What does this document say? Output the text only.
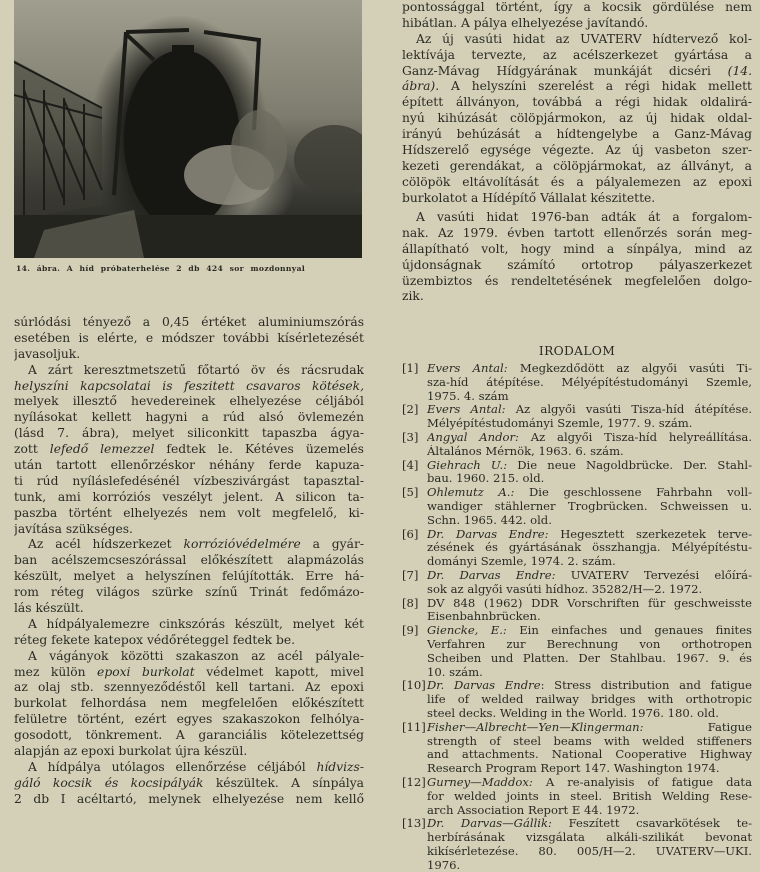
14. ábra. A híd próbaterhelése 2 db 424 sor mozdonnyal
súrlódási tényező a 0,45 értéket aluminiumszórás
esetében is elérte, e módszer további kísérletezését
javasoljuk.
A zárt keresztmetszetű főtartó öv és rácsrudak
helyszíni kapcsolatai is feszitett csavaros kötések,
melyek illesztő hevedereinek elhelyezése céljából
nyílásokat kellett hagyni a rúd alsó övlemezén
(lásd 7. ábra), melyet siliconkitt tapaszba ágya-
zott lefedő lemezzel fedtek le. Kétéves üzemelés
után tartott ellenőrzéskor néhány ferde kapuza-
ti rúd nyíláslefedésénél vízbeszivárgást tapasztal-
tunk, ami korróziós veszélyt jelent. A silicon ta-
paszba történt elhelyezés nem volt megfelelő, ki-
javítása szükséges.
Az acél hídszerkezet korrózióvédelmére a gyár-
ban acélszemcseszórással előkészített alapmázolás
készült, melyet a helyszínen felújították. Erre há-
rom réteg világos szürke színű Trinát fedőmázo-
lás készült.
A hídpályalemezre cinkszórás készült, melyet két
réteg fekete katepox védőréteggel fedtek be.
A vágányok közötti szakaszon az acél pályale-
mez külön epoxi burkolat védelmet kapott, mivel
az olaj stb. szennyeződéstől kell tartani. Az epoxi
burkolat felhordása nem megfelelően előkészített
felületre történt, ezért egyes szakaszokon felhólya-
gosodott, tönkrement. A garanciális kötelezettség
alapján az epoxi burkolat újra készül.
A hídpálya utólagos ellenőrzése céljából hídvizs-
gáló kocsik és kocsipályák készültek. A sínpálya
2 db I acéltartó, melynek elhelyezése nem kellő
pontossággal történt, így a kocsik gördülése nem
hibátlan. A pálya elhelyezése javítandó.
Az új vasúti hidat az UVATERV hídtervező kol-
lektívája tervezte, az acélszerkezet gyártása a
Ganz-Mávag Hídgyárának munkáját dicséri (14.
ábra). A helyszíni szerelést a régi hidak mellett
épített állványon, továbbá a régi hidak oldalirá-
nyú kihúzását cölöpjármokon, az új hidak oldal-
irányú behúzását a hídtengelybe a Ganz-Mávag
Hídszerelő egysége végezte. Az új vasbeton szer-
kezeti gerendákat, a cölöpjármokat, az állványt, a
cölöpök eltávolítását és a pályalemezen az epoxi
burkolatot a Hídépítő Vállalat készitette.
A vasúti hidat 1976-ban adták át a forgalom-
nak. Az 1979. évben tartott ellenőrzés során meg-
állapítható volt, hogy mind a sínpálya, mind az
újdonságnak számító ortotrop pályaszerkezet
üzembiztos és rendeltetésének megfelelően dolgo-
zik.
IRODALOM
[1] Evers Antal: Megkezdődött az algyői vasúti Ti-
sza-híd átépítése. Mélyépítéstudományi Szemle,
1975. 4. szám
[2] Evers Antal: Az algyői vasúti Tisza-híd átépítése.
Mélyépítéstudományi Szemle, 1977. 9. szám.
[3] Angyal Andor: Az algyői Tisza-híd helyreállítása.
Általános Mérnök, 1963. 6. szám.
[4] Giehrach U.: Die neue Nagoldbrücke. Der. Stahl-
bau. 1960. 215. old.
[5] Ohlemutz A.: Die geschlossene Fahrbahn voll-
wandiger stählerner Trogbrücken. Schweissen u.
Schn. 1965. 442. old.
[6] Dr. Darvas Endre: Hegesztett szerkezetek terve-
zésének és gyártásának összhangja. Mélyépítéstu-
dományi Szemle, 1974. 2. szám.
[7] Dr. Darvas Endre: UVATERV Tervezési előírá-
sok az algyői vasúti hídhoz. 35282/H—2. 1972.
[8] DV 848 (1962) DDR Vorschriften für geschweisste
Eisenbahnbrücken.
[9] Giencke, E.: Ein einfaches und genaues finites
Verfahren zur Berechnung von orthotropen
Scheiben und Platten. Der Stahlbau. 1967. 9. és
10. szám.
[10] Dr. Darvas Endre: Stress distribution and fatigue
life of welded railway bridges with orthotropic
steel decks. Welding in the World. 1976. 180. old.
[11] Fisher—Albrecht—Yen—Klingerman:	Fatigue
strength of steel beams with welded stiffeners
and attachments. National Cooperative Highway
Research Program Report 147. Washington 1974.
[12] Gurney—Maddox: A re-analyisis of fatigue data
for welded joints in steel. British Welding Rese-
arch Association Report E 44. 1972.
[13] Dr. Darvas—Gállik: Feszített csavarkötések te-
herbírásának vizsgálata alkáli-szilikát bevonat
kikísérletezése. 80. 005/H—2. UVATERV—UKI.
1976.
